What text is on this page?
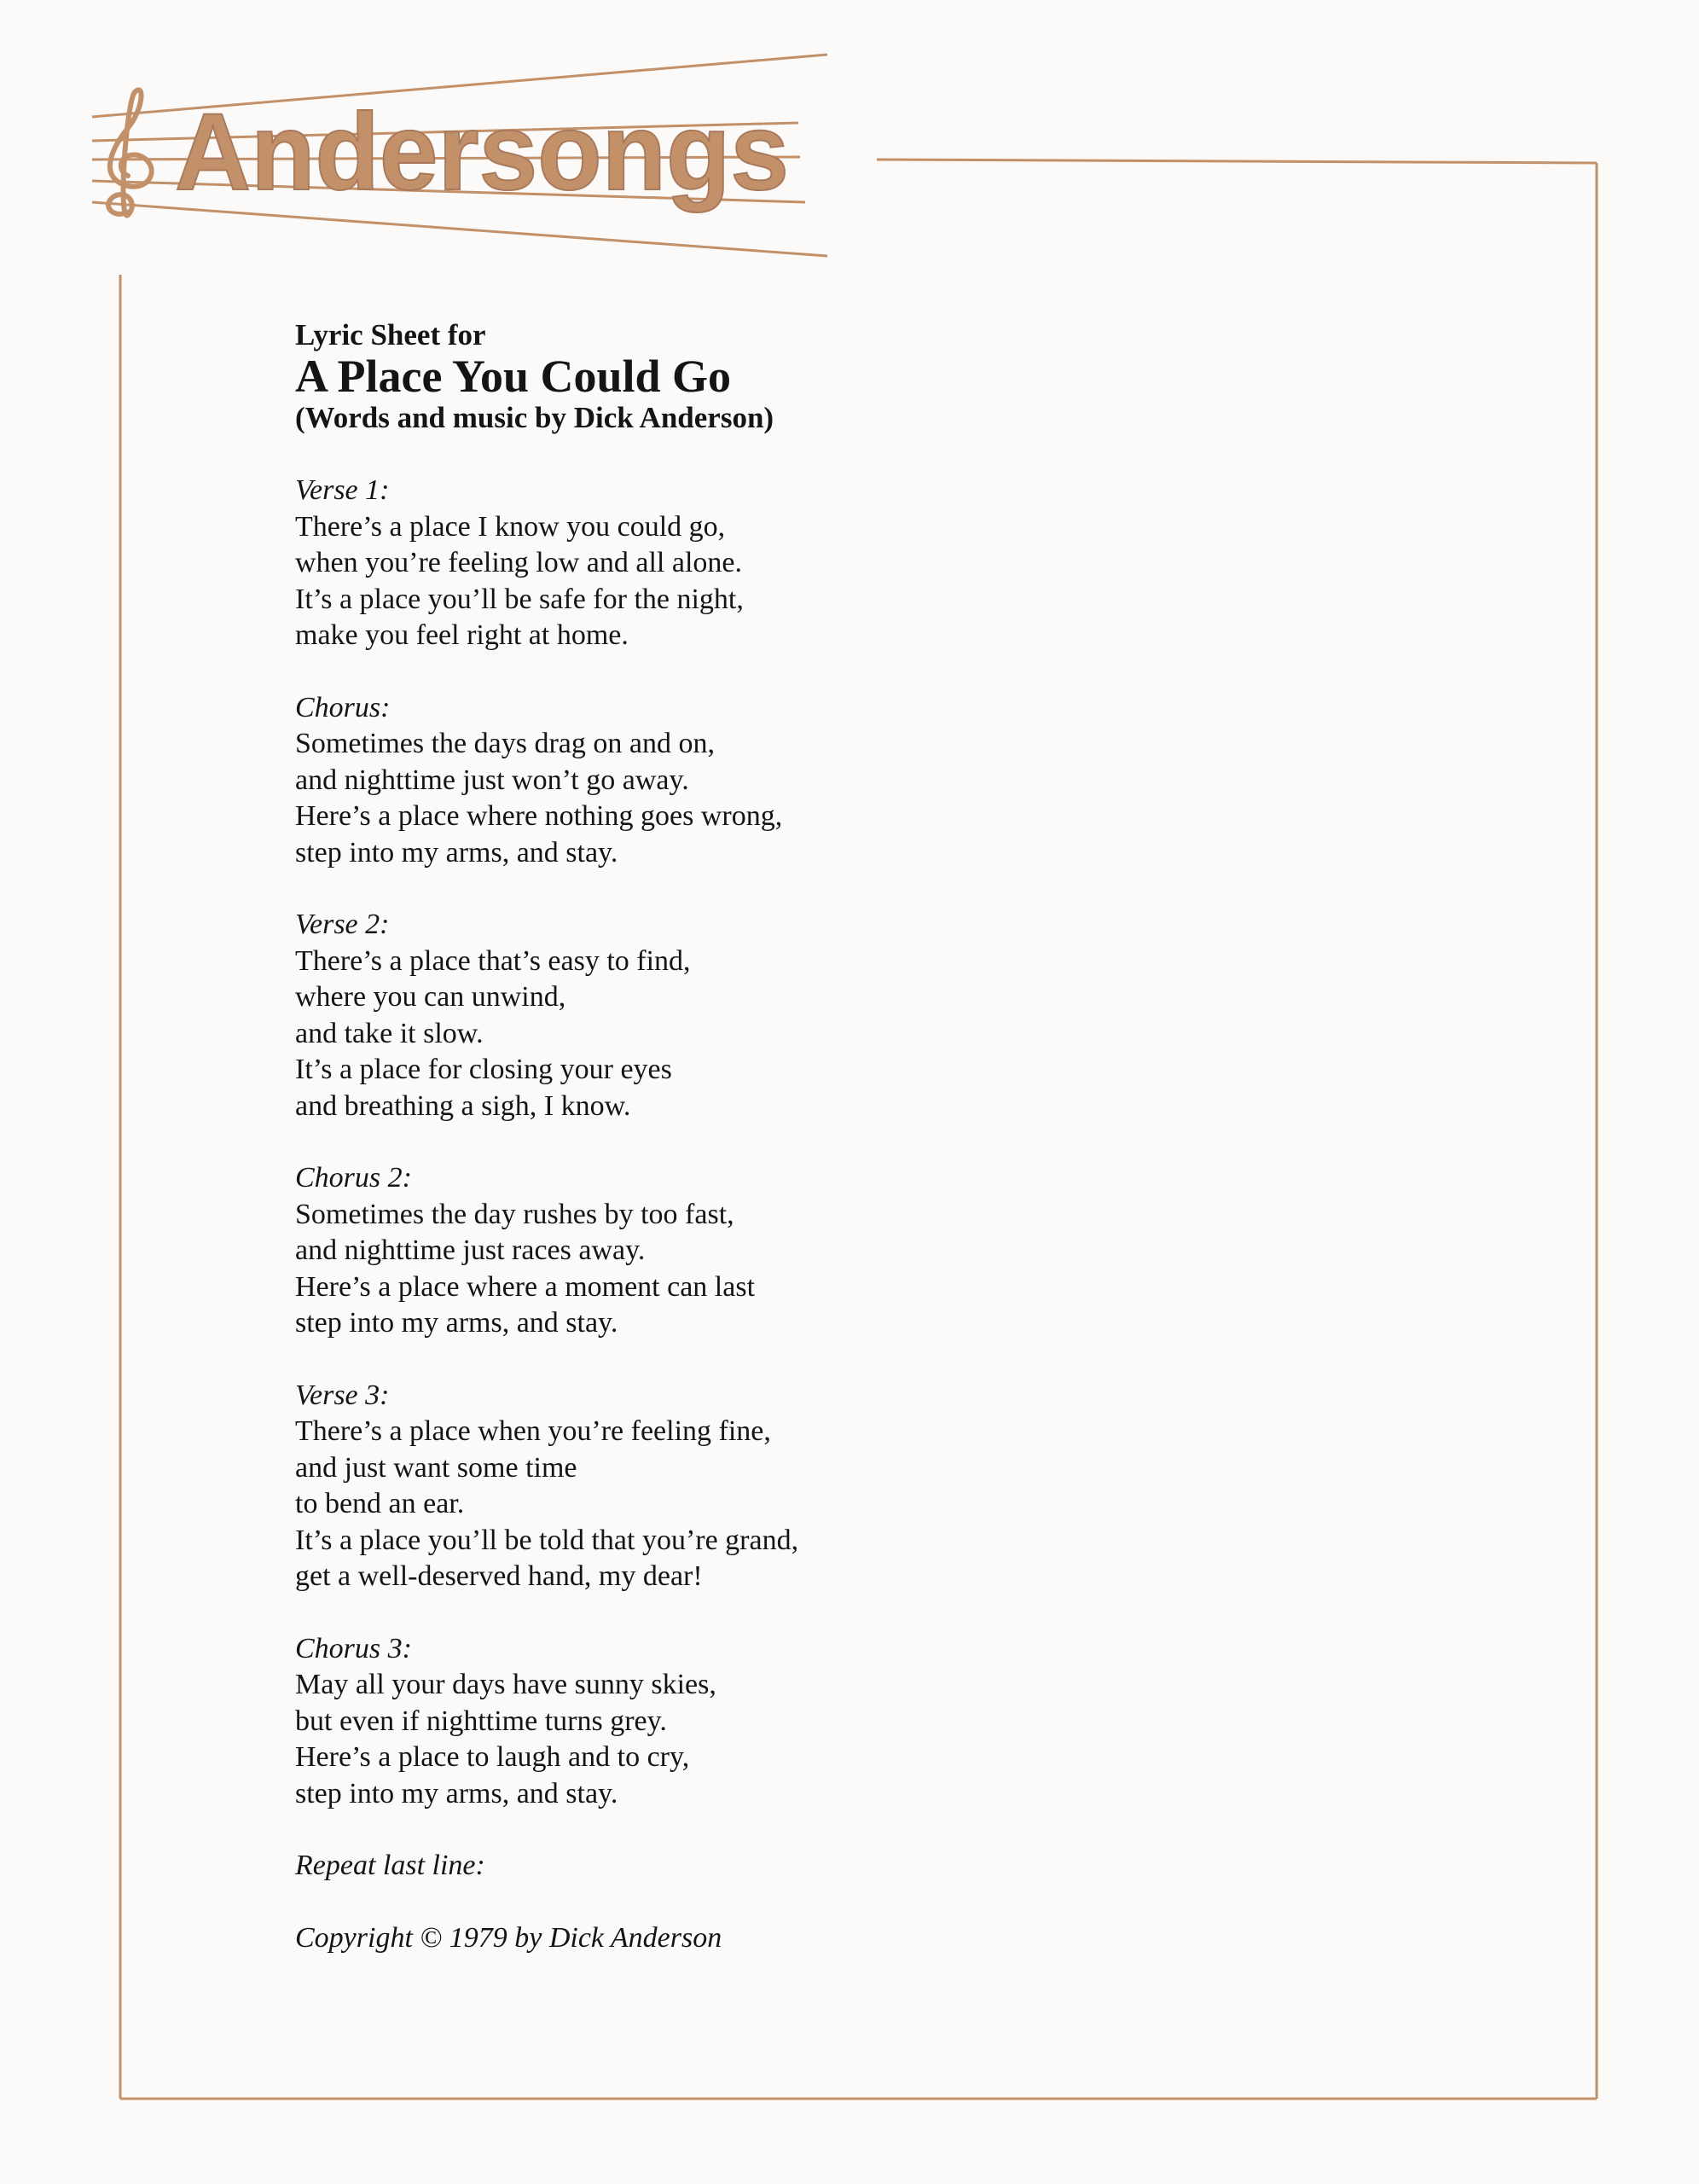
Andersongs

Lyric Sheet for

A Place You Could Go

(Words and music by Dick Anderson)

Verse 1:

There’s a place I know you could go,

when you’re feeling low and all alone.

It’s a place you’ll be safe for the night,

make you feel right at home.

Chorus:

Sometimes the days drag on and on,

and nighttime just won’t go away.

Here’s a place where nothing goes wrong,

step into my arms, and stay.

Verse 2:

There’s a place that’s easy to find,

where you can unwind,

and take it slow.

It’s a place for closing your eyes

and breathing a sigh, I know.

Chorus 2:

Sometimes the day rushes by too fast,

and nighttime just races away.

Here’s a place where a moment can last

step into my arms, and stay.

Verse 3:

There’s a place when you’re feeling fine,

and just want some time

to bend an ear.

It’s a place you’ll be told that you’re grand,

get a well-deserved hand, my dear!

Chorus 3:

May all your days have sunny skies,

but even if nighttime turns grey.

Here’s a place to laugh and to cry,

step into my arms, and stay.

Repeat last line:

Copyright © 1979 by Dick Anderson
